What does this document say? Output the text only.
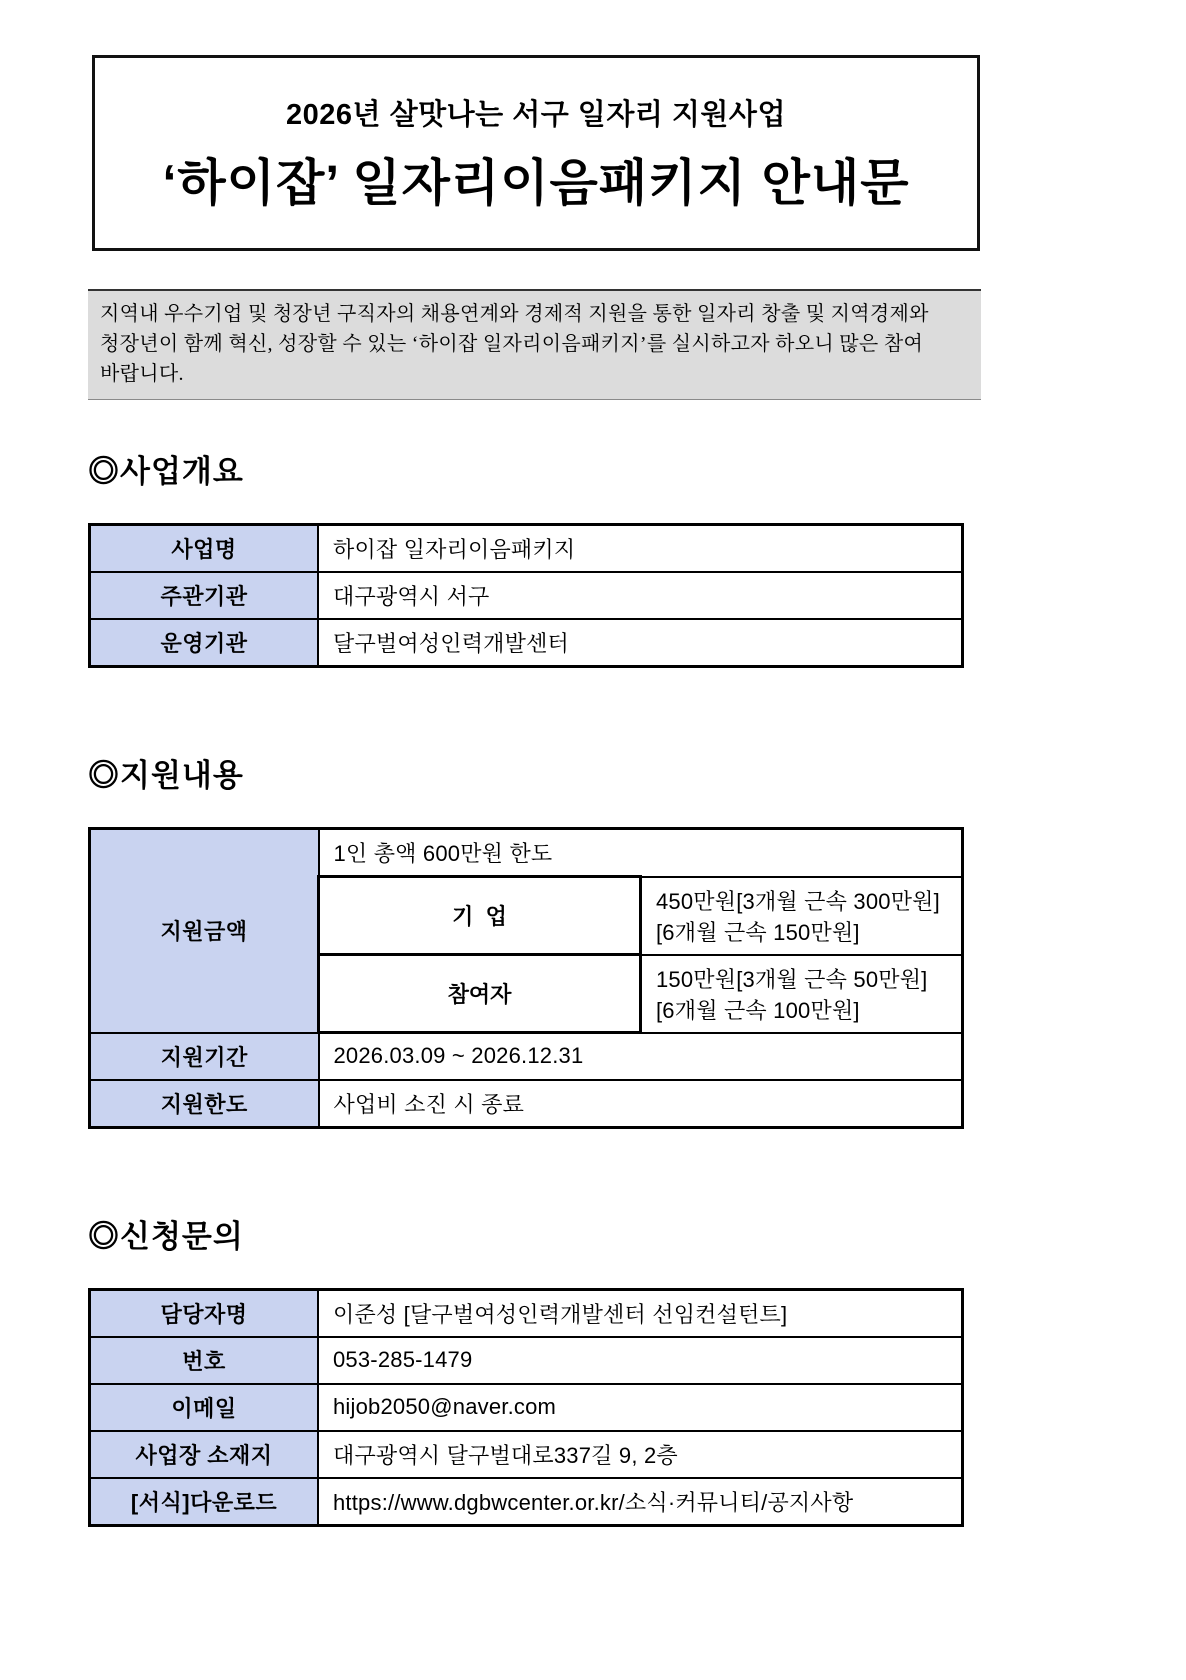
2026년 살맛나는 서구 일자리 지원사업
‘하이잡’ 일자리이음패키지 안내문
지역내 우수기업 및 청장년 구직자의 채용연계와 경제적 지원을 통한 일자리 창출 및 지역경제와 청장년이 함께 혁신, 성장할 수 있는 ‘하이잡 일자리이음패키지’를 실시하고자 하오니 많은 참여 바랍니다.
◎사업개요
사업명	하이잡 일자리이음패키지
주관기관	대구광역시 서구
운영기관	달구벌여성인력개발센터
◎지원내용
지원금액	1인 총액 600만원 한도	
	기  업	450만원[3개월 근속 300만원] [6개월 근속 150만원]
	참여자	150만원[3개월 근속 50만원]   [6개월 근속 100만원]
지원기간	2026.03.09 ~ 2026.12.31	
지원한도	사업비 소진 시 종료	
◎신청문의
담당자명	이준성 [달구벌여성인력개발센터 선임컨설턴트]
번호	053-285-1479
이메일	hijob2050@naver.com
사업장 소재지	대구광역시 달구벌대로337길 9, 2층
[서식]다운로드	https://www.dgbwcenter.or.kr/소식·커뮤니티/공지사항
